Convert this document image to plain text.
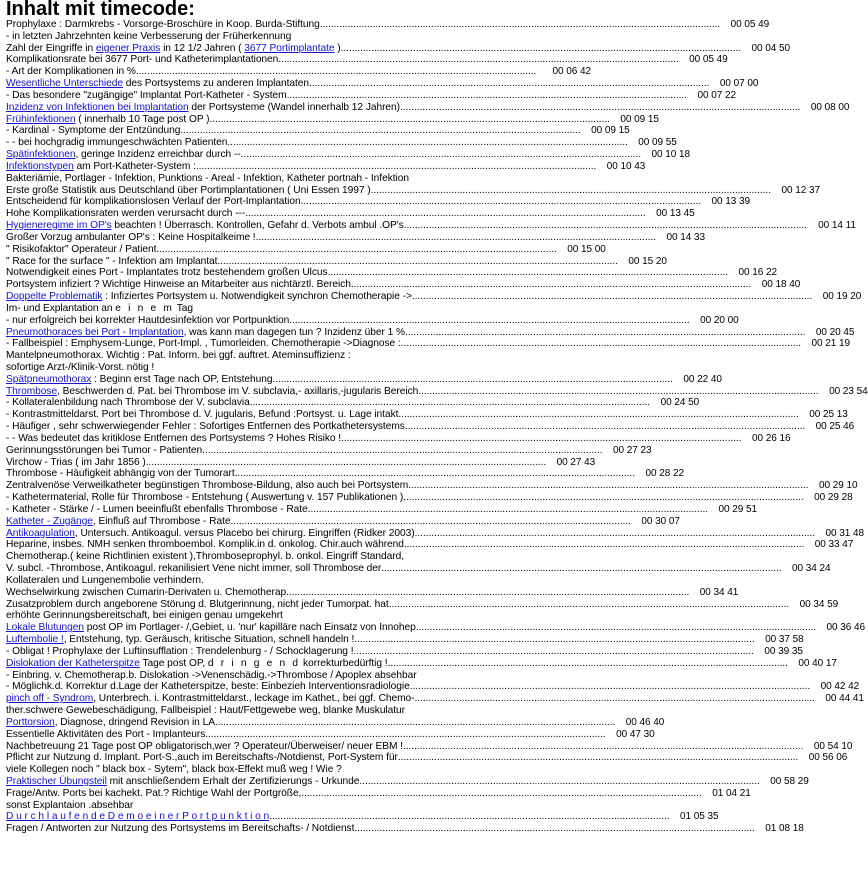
Inhalt mit timecode:
Prophylaxe : Darmkrebs - Vorsorge-Broschüre in Koop. Burda-Stiftung ................................................................................................................................................	00 05 49
- in letzten Jahrzehnten keine Verbesserung der Früherkennung
Zahl der Eingriffe in eigener Praxis in 12 1/2 Jahren ( 3677 Portimplantate ) ................................................................................................................................................	00 04 50
Komplikationsrate bei 3677 Port- und Katheterimplantationen ................................................................................................................................................	00 05 49
- Art der Komplikationen in % ................................................................................................................................................	00 06 42
Wesentliche Unterschiede des Portsystems zu anderen Implantaten ................................................................................................................................................	00 07 00
- Das besondere "zugängige" Implantat Port-Katheter - System ................................................................................................................................................	00 07 22
Inzidenz von Infektionen bei Implantation der Portsysteme (Wandel innerhalb 12 Jahren) ................................................................................................................................................	00 08 00
Frühinfektionen ( innerhalb 10 Tage post OP ) ................................................................................................................................................	00 09 15
- Kardinal - Symptome der Entzündung ................................................................................................................................................	00 09 15
- - bei hochgradig immungeschwächten Patienten ................................................................................................................................................	00 09 55
Spätinfektionen, geringe Inzidenz erreichbar durch -- ................................................................................................................................................	00 10 18
Infektionstypen am Port-Katheter-System : ................................................................................................................................................	00 10 43
Bakteriämie, Portlager - Infektion, Punktions - Areal - Infektion, Katheter portnah - Infektion
Erste große Statistik aus Deutschland über Portimplantationen ( Uni Essen 1997 ) ................................................................................................................................................	00 12 37
Entscheidend für komplikationslosen Verlauf der Port-Implantation ................................................................................................................................................	00 13 39
Hohe Komplikationsraten werden verursacht durch --- ................................................................................................................................................	00 13 45
Hygieneregime im OP's beachten ! Überrasch. Kontrollen, Gefahr d. Verbots ambul .OP's. ................................................................................................................................................	00 14 11
Großer Vorzug ambulanter OP's : Keine Hospitalkeime ! ................................................................................................................................................	00 14 33
" Risikofaktor" Operateur / Patient ................................................................................................................................................	00 15 00
" Race for the surface " - Infektion am Implantat ................................................................................................................................................	00 15 20
Notwendigkeit eines Port - Implantates trotz bestehendem großen Ulcus ................................................................................................................................................	00 16 22
Portsystem infiziert ? Wichtige Hinweise an Mitarbeiter aus nichtärztl. Bereich ................................................................................................................................................	00 18 40
Doppelte Problematik : Infiziertes Portsystem u. Notwendigkeit synchron Chemotherapie -> ................................................................................................................................................	00 19 20
Im- und Explantation an e i n e m Tag
- nur erfolgreich bei korrekter Hautdesinfektion vor Portpunktion ................................................................................................................................................	00 20 00
Pneumothoraces bei Port - Implantation, was kann man dagegen tun ? Inzidenz über 1 % ................................................................................................................................................	00 20 45
- Fallbeispiel : Emphysem-Lunge, Port-Impl. , Tumorleiden. Chemotherapie ->Diagnose : ................................................................................................................................................	00 21 19
Mantelpneumothorax. Wichtig : Pat. Inform. bei ggf. auftret. Ateminsuffizienz :
sofortige Arzt-/Klinik-Vorst. nötig !
Spätpneumothorax : Beginn erst Tage nach OP, Entstehung ................................................................................................................................................	00 22 40
Thrombose, Beschwerden d. Pat. bei Thrombose im V. subclavia,- axillaris,-jugularis Bereich ................................................................................................................................................	00 23 54
- Kollateralenbildung nach Thrombose der V. subclavia ................................................................................................................................................	00 24 50
- Kontrastmitteldarst. Port bei Thrombose d. V. jugularis, Befund :Portsyst. u. Lage intakt ................................................................................................................................................	00 25 13
- Häufiger , sehr schwerwiegender Fehler : Sofortiges Entfernen des Portkathetersystems ................................................................................................................................................	00 25 46
- - Was bedeutet das kritiklose Entfernen des Portsystems ? Hohes Risiko ! ................................................................................................................................................	00 26 16
Gerinnungsstörungen bei Tumor - Patienten ................................................................................................................................................	00 27 23
Virchow - Trias ( im Jahr 1856 ) ................................................................................................................................................	00 27 43
Thrombose - Häufigkeit abhängig von der Tumorart ................................................................................................................................................	00 28 22
Zentralvenöse Verweilkatheter begünstigen Thrombose-Bildung, also auch bei Portsystem ................................................................................................................................................	00 29 10
- Kathetermaterial, Rolle für Thrombose - Entstehung ( Auswertung v. 157 Publikationen ) ................................................................................................................................................	00 29 28
- Katheter - Stärke / - Lumen beeinflußt ebenfalls Thrombose - Rate ................................................................................................................................................	00 29 51
Katheter - Zugänge, Einfluß auf Thrombose - Rate ................................................................................................................................................	00 30 07
Antikoagulation, Untersuch. Antikoagul. versus Placebo bei chirurg. Eingriffen (Ridker 2003) ................................................................................................................................................	00 31 48
Heparine, insbes. NMH senken thromboembol. Komplik.in d. onkolog. Chir.auch während ................................................................................................................................................	00 33 47
Chemotherap.( keine Richtlinien existent ),Thromboseprophyl. b. onkol. Eingriff Standard,
V. subcl. -Thrombose, Antikoagul. rekanilisiert Vene nicht immer, soll Thrombose der ................................................................................................................................................	00 34 24
Kollateralen und Lungenembolie verhindern.
Wechselwirkung zwischen Cumarin-Derivaten u. Chemotherap. ................................................................................................................................................	00 34 41
Zusatzproblem durch angeborene Störung d. Blutgerinnung, nicht jeder Tumorpat. hat ................................................................................................................................................	00 34 59
erhöhte Gerinnungsbereitschaft, bei einigen genau umgekehrt
Lokale Blutungen post OP im Portlager- /,Gebiet, u. 'nur' kapilläre nach Einsatz von Innohep ................................................................................................................................................	00 36 46
Luftembolie !, Entstehung, typ. Geräusch, kritische Situation, schnell handeln ! ................................................................................................................................................	00 37 58
- Obligat ! Prophylaxe der Luftinsufflation : Trendelenburg - / Schocklagerung ! ................................................................................................................................................	00 39 35
Dislokation der Katheterspitze Tage post OP, d r i n g e n d korrekturbedürftig ! ................................................................................................................................................	00 40 17
- Einbring. v. Chemotherap.b. Dislokation ->Venenschädig.->Thrombose / Apoplex absehbar
- Möglichk.d. Korrektur d.Lage der Katheterspitze, beste: Einbezieh Interventionsradiologie ................................................................................................................................................	00 42 42
pinch off - Syndrom, Unterbrech. i. Kontrastmitteldarst., leckage im Kathet., bei ggf. Chemo- ................................................................................................................................................	00 44 41
ther.schwere Gewebeschädigung, Fallbeispiel : Haut/Fettgewebe weg, blanke Muskulatur
Porttorsion, Diagnose, dringend Revision in LA ................................................................................................................................................	00 46 40
Essentielle Aktivitäten des Port - Implanteurs ................................................................................................................................................	00 47 30
Nachbetreuung 21 Tage post OP obligatorisch,wer ? Operateur/Überweiser/ neuer EBM ! ................................................................................................................................................	00 54 10
Pflicht zur Nutzung d. Implant. Port-S.,auch im Bereitschafts-/Notdienst, Port-System für ................................................................................................................................................	00 56 06
viele Kollegen noch " black box - Sytem", black box-Effekt muß weg ! Wie ?
Praktischer Übungsteil mit anschließendem Erhalt der Zertifizierungs - Urkunde ................................................................................................................................................	00 58 29
Frage/Antw. Ports bei kachekt. Pat.? Richtige Wahl der Portgröße, ................................................................................................................................................	01 04 21
sonst Explantaion .absehbar
D u r c h l a u f e n d e D e m o e i n e r P o r t p u n k t i o n ................................................................................................................................................	01 05 35
Fragen / Antworten zur Nutzung des Portsystems im Bereitschafts- / Notdienst ................................................................................................................................................	01 08 18
